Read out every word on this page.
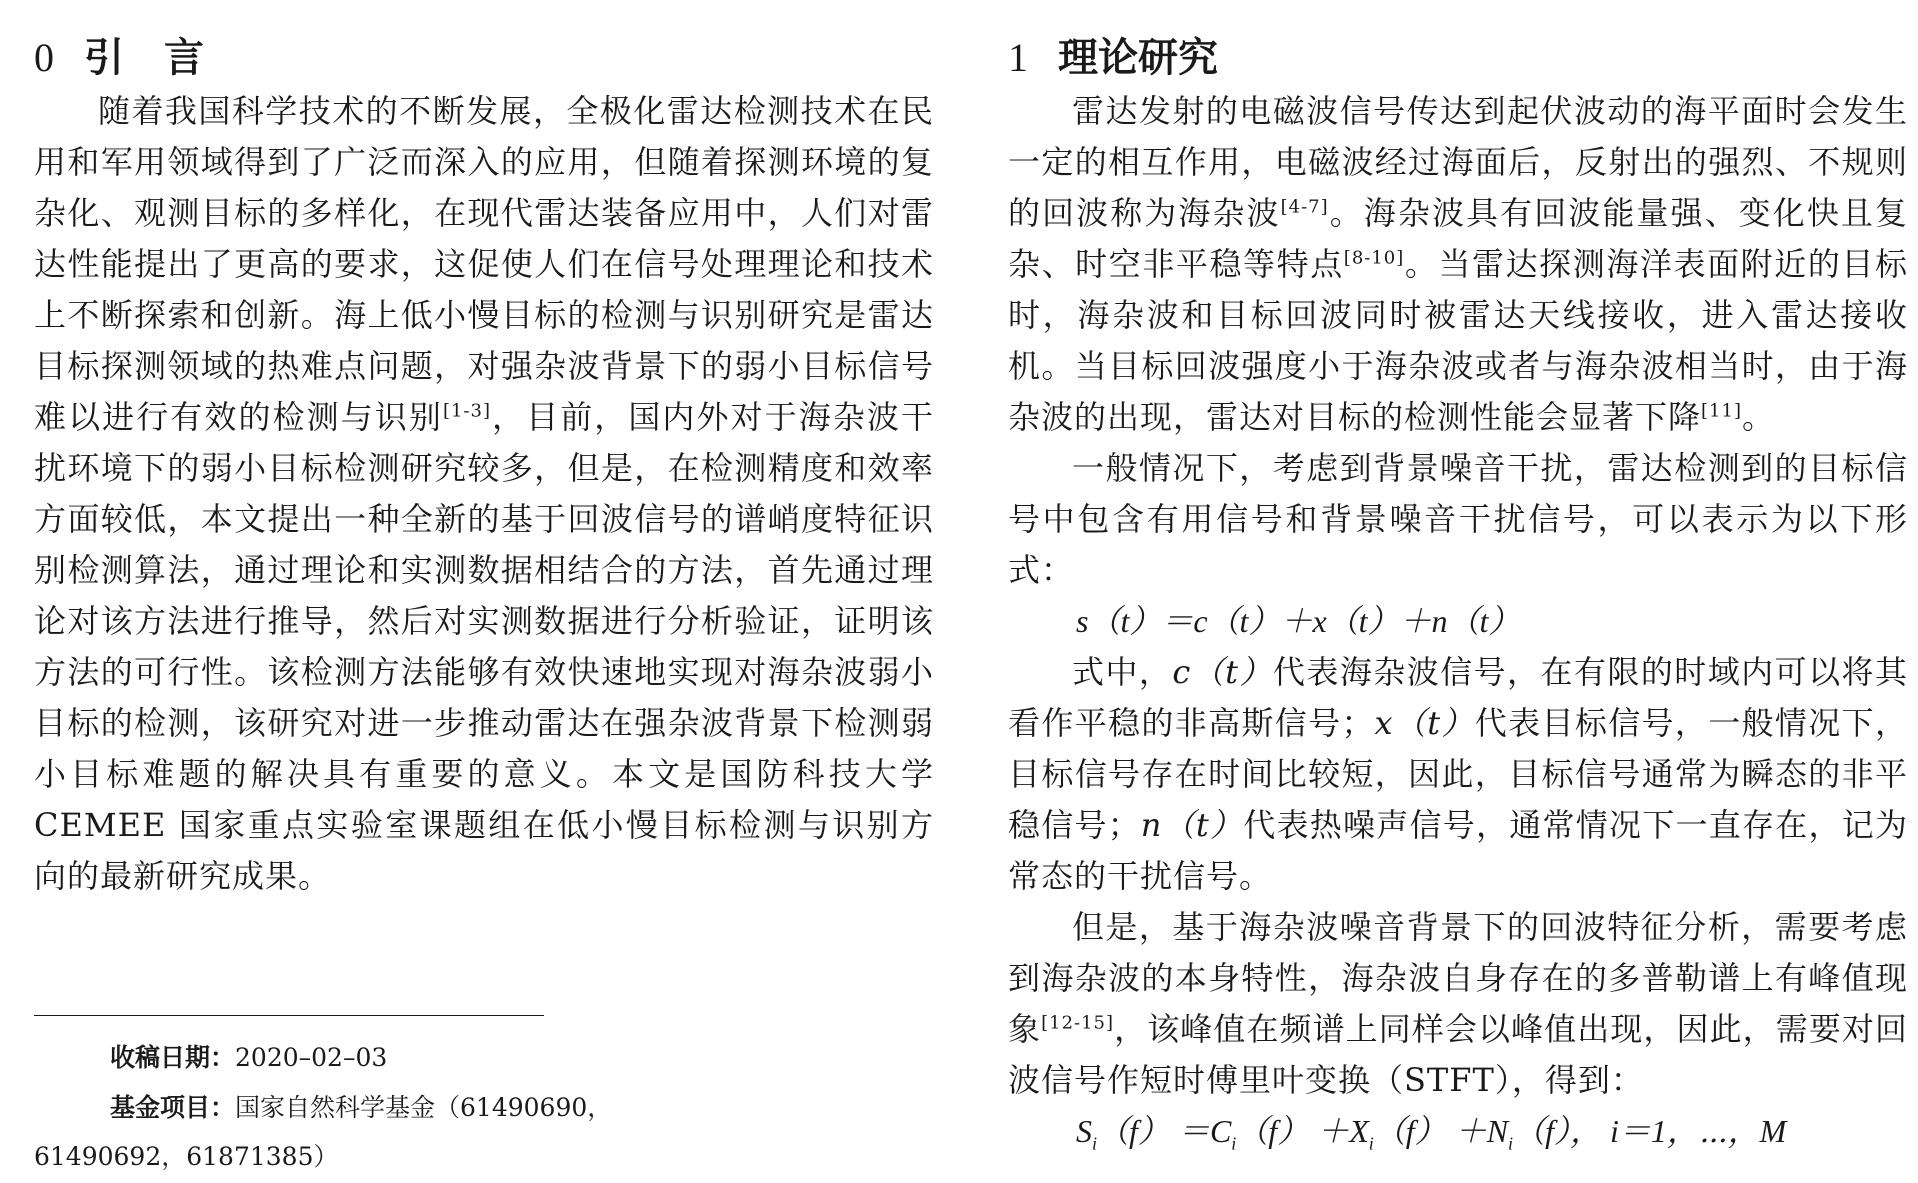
0 引言

随着我国科学技术的不断发展，全极化雷达检测技术在民用和军用领域得到了广泛而深入的应用，但随着探测环境的复杂化、观测目标的多样化，在现代雷达装备应用中，人们对雷达性能提出了更高的要求，这促使人们在信号处理理论和技术上不断探索和创新。海上低小慢目标的检测与识别研究是雷达目标探测领域的热难点问题，对强杂波背景下的弱小目标信号难以进行有效的检测与识别[1-3]，目前，国内外对于海杂波干扰环境下的弱小目标检测研究较多，但是，在检测精度和效率方面较低，本文提出一种全新的基于回波信号的谱峭度特征识别检测算法，通过理论和实测数据相结合的方法，首先通过理论对该方法进行推导，然后对实测数据进行分析验证，证明该方法的可行性。该检测方法能够有效快速地实现对海杂波弱小目标的检测，该研究对进一步推动雷达在强杂波背景下检测弱小目标难题的解决具有重要的意义。本文是国防科技大学 CEMEE 国家重点实验室课题组在低小慢目标检测与识别方向的最新研究成果。

收稿日期：2020–02–03

基金项目：国家自然科学基金（61490690，

61490692，61871385）

1 理论研究

雷达发射的电磁波信号传达到起伏波动的海平面时会发生一定的相互作用，电磁波经过海面后，反射出的强烈、不规则的回波称为海杂波[4-7]。海杂波具有回波能量强、变化快且复杂、时空非平稳等特点[8-10]。当雷达探测海洋表面附近的目标时，海杂波和目标回波同时被雷达天线接收，进入雷达接收机。当目标回波强度小于海杂波或者与海杂波相当时，由于海杂波的出现，雷达对目标的检测性能会显著下降[11]。

一般情况下，考虑到背景噪音干扰，雷达检测到的目标信号中包含有用信号和背景噪音干扰信号，可以表示为以下形式：

s（t）＝c（t）＋x（t）＋n（t）

式中，c（t）代表海杂波信号，在有限的时域内可以将其看作平稳的非高斯信号；x（t）代表目标信号，一般情况下，目标信号存在时间比较短，因此，目标信号通常为瞬态的非平稳信号；n（t）代表热噪声信号，通常情况下一直存在，记为常态的干扰信号。

但是，基于海杂波噪音背景下的回波特征分析，需要考虑到海杂波的本身特性，海杂波自身存在的多普勒谱上有峰值现象[12-15]，该峰值在频谱上同样会以峰值出现，因此，需要对回波信号作短时傅里叶变换（STFT），得到：

$S_i(f) =C_i(f) +X_i(f) +N_i(f)$， i＝1，⋯，M
